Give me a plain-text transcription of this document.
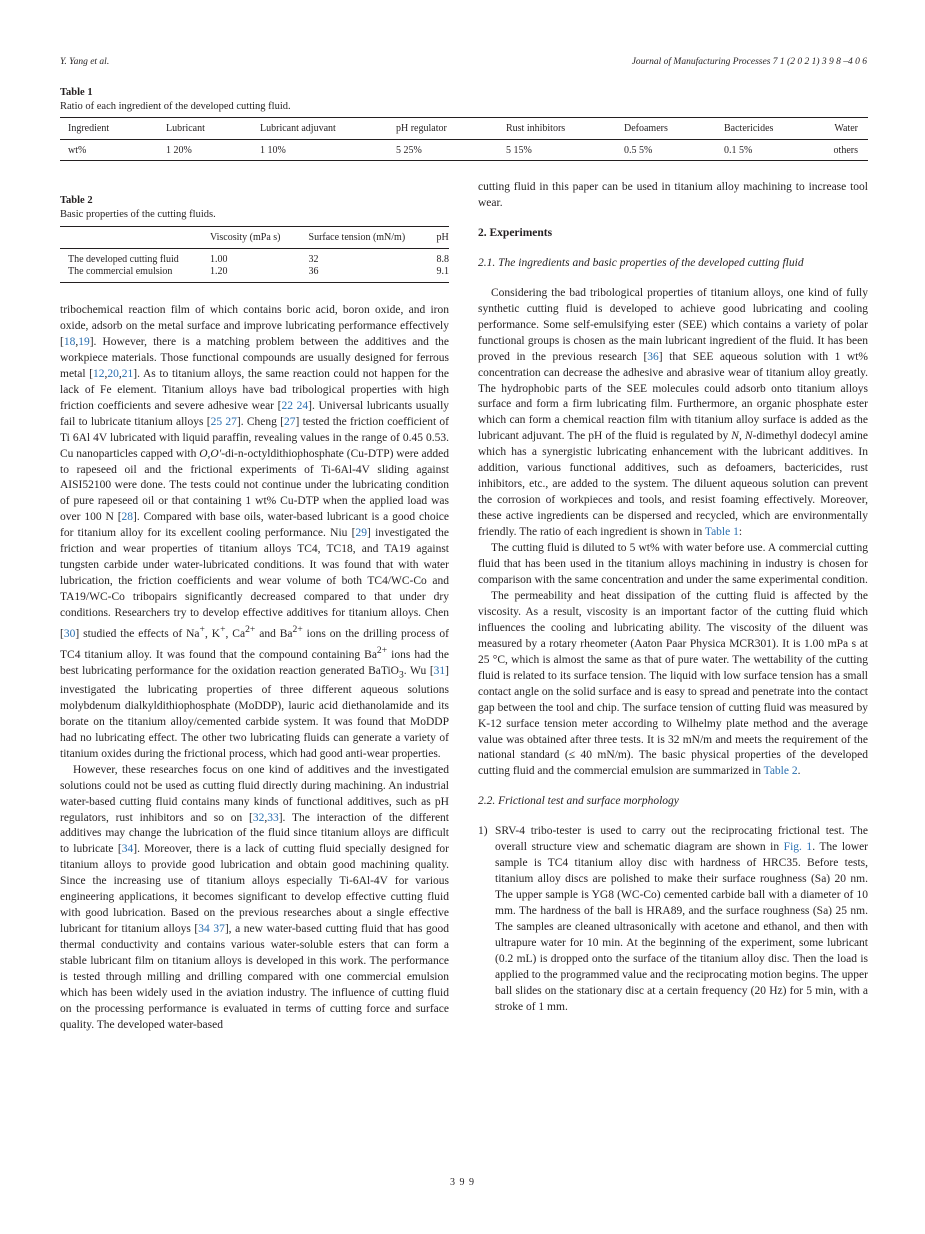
Y. Yang et al.	Journal of Manufacturing Processes 7 1 (2 0 2 1) 3 9 8 –4 0 6
Table 1
Ratio of each ingredient of the developed cutting fluid.
Ingredient	Lubricant	Lubricant adjuvant	pH regulator	Rust inhibitors	Defoamers	Bactericides	Water
wt%	1 20%	1 10%	5 25%	5 15%	0.5 5%	0.1 5%	others
Table 2
Basic properties of the cutting fluids.
	Viscosity (mPa s)	Surface tension (mN/m)	pH
The developed cutting fluid	1.00	32	8.8
The commercial emulsion	1.20	36	9.1

tribochemical reaction film of which contains boric acid, boron oxide, and iron oxide, adsorb on the metal surface and improve lubricating performance effectively [18,19]. However, there is a matching problem between the additives and the workpiece materials. Those functional compounds are usually designed for ferrous metal [12,20,21]. As to titanium alloys, the same reaction could not happen for the lack of Fe element. Titanium alloys have bad tribological properties with high friction coefficients and severe adhesive wear [22 24]. Universal lubricants usually fail to lubricate titanium alloys [25 27]. Cheng [27] tested the friction coefficient of Ti 6Al 4V lubricated with liquid paraffin, revealing values in the range of 0.45 0.53. Cu nanoparticles capped with O,O′-di-n-octyldithiophosphate (Cu-DTP) were added to rapeseed oil and the frictional experiments of Ti-6Al-4V sliding against AISI52100 were done. The tests could not continue under the lubricating condition of pure rapeseed oil or that containing 1 wt% Cu-DTP when the applied load was over 100 N [28]. Compared with base oils, water-based lubricant is a good choice for titanium alloy for its excellent cooling performance. Niu [29] investigated the friction and wear properties of titanium alloys TC4, TC18, and TA19 against tungsten carbide under water-lubricated conditions. It was found that with water lubrication, the friction coefficients and wear volume of both TC4/WC-Co and TA19/WC-Co tribopairs significantly decreased compared to that under dry conditions. Researchers try to develop effective additives for titanium alloys. Chen [30] studied the effects of Na+, K+, $Ca^{2+}$ and $Ba^{2+}$ ions on the drilling process of TC4 titanium alloy. It was found that the compound containing $Ba^{2+}$ ions had the best lubricating performance for the oxidation reaction generated BaTiO$_3$. Wu [31] investigated the lubricating properties of three different aqueous solutions molybdenum dialkyldithiophosphate (MoDDP), lauric acid diethanolamide and its borate on the titanium alloy/cemented carbide system. It was found that MoDDP had no lubricating effect. The other two lubricating fluids can generate a variety of titanium oxides during the frictional process, which had good anti-wear properties.

However, these researches focus on one kind of additives and the investigated solutions could not be used as cutting fluid directly during machining. An industrial water-based cutting fluid contains many kinds of functional additives, such as pH regulators, rust inhibitors and so on [32,33]. The interaction of the different additives may change the lubrication of the fluid since titanium alloys are difficult to lubricate [34]. Moreover, there is a lack of cutting fluid specially designed for titanium alloys to provide good lubrication and obtain good machining quality. Since the increasing use of titanium alloys especially Ti-6Al-4V for various engineering applications, it becomes significant to develop effective cutting fluid with good lubrication. Based on the previous researches about a single effective lubricant for titanium alloys [34 37], a new water-based cutting fluid that has good thermal conductivity and contains various water-soluble esters that can form a stable lubricant film on titanium alloys is developed in this work. The performance is tested through milling and drilling compared with one commercial emulsion which has been widely used in the aviation industry. The influence of cutting fluid on the processing performance is evaluated in terms of cutting force and surface quality. The developed water-based

cutting fluid in this paper can be used in titanium alloy machining to increase tool wear.

2. Experiments

2.1. The ingredients and basic properties of the developed cutting fluid

Considering the bad tribological properties of titanium alloys, one kind of fully synthetic cutting fluid is developed to achieve good lubricating and cooling performance. Some self-emulsifying ester (SEE) which contains a variety of polar functional groups is chosen as the main lubricant ingredient of the fluid. It has been proved in the previous research [36] that SEE aqueous solution with 1 wt% concentration can decrease the adhesive and abrasive wear of titanium alloy greatly. The hydrophobic parts of the SEE molecules could adsorb onto titanium alloys surface and form a firm lubricating film. Furthermore, an organic phosphate ester which can form a chemical reaction film with titanium alloy surface is added as the lubricant adjuvant. The pH of the fluid is regulated by N, N-dimethyl dodecyl amine which has a synergistic lubricating enhancement with the lubricant additives. In addition, various functional additives, such as defoamers, bactericides, rust inhibitors, etc., are added to the system. The diluent aqueous solution can prevent the corrosion of workpieces and tools, and resist foaming effectively. Moreover, these active ingredients can be dispersed and recycled, which are environmentally friendly. The ratio of each ingredient is shown in Table 1:

The cutting fluid is diluted to 5 wt% with water before use. A commercial cutting fluid that has been used in the titanium alloys machining in industry is chosen for comparison with the same concentration and under the same experimental condition.

The permeability and heat dissipation of the cutting fluid is affected by the viscosity. As a result, viscosity is an important factor of the cutting fluid which influences the cooling and lubricating ability. The viscosity of the diluent was measured by a rotary rheometer (Aaton Paar Physica MCR301). It is 1.00 mPa s at 25 °C, which is almost the same as that of pure water. The wettability of the cutting fluid is related to its surface tension. The liquid with low surface tension has a small contact angle on the solid surface and is easy to spread and penetrate into the contact gap between the tool and chip. The surface tension of cutting fluid was measured by K-12 surface tension meter according to Wilhelmy plate method and the average value was obtained after three tests. It is 32 mN/m and meets the requirement of the national standard (≤ 40 mN/m). The basic physical properties of the developed cutting fluid and the commercial emulsion are summarized in Table 2.

2.2. Frictional test and surface morphology

1) SRV-4 tribo-tester is used to carry out the reciprocating frictional test. The overall structure view and schematic diagram are shown in Fig. 1. The lower sample is TC4 titanium alloy disc with hardness of HRC35. Before tests, titanium alloy discs are polished to make their surface roughness (Sa) 20 nm. The upper sample is YG8 (WC-Co) cemented carbide ball with a diameter of 10 mm. The hardness of the ball is HRA89, and the surface roughness (Sa) 25 nm. The samples are cleaned ultrasonically with acetone and ethanol, and then with ultrapure water for 10 min. At the beginning of the experiment, some lubricant (0.2 mL) is dropped onto the surface of the titanium alloy disc. Then the load is applied to the programmed value and the reciprocating motion begins. The upper ball slides on the stationary disc at a certain frequency (20 Hz) for 5 min, with a stroke of 1 mm.
3 9 9
